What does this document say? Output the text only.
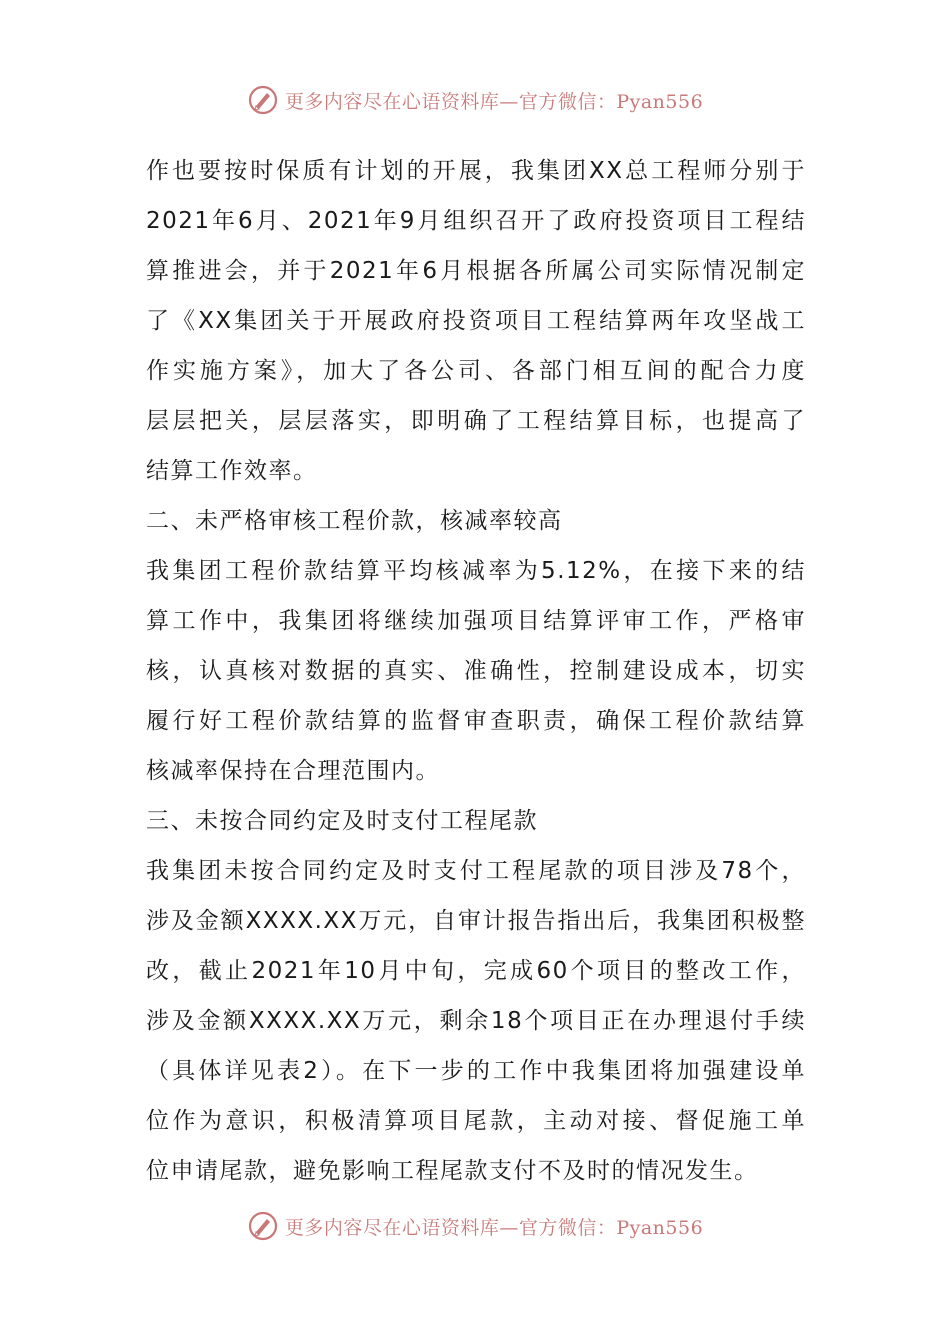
更多内容尽在心语资料库—官方微信：Pyan556
作也要按时保质有计划的开展，我集团XX总工程师分别于
2021年6月、2021年9月组织召开了政府投资项目工程结
算推进会，并于2021年6月根据各所属公司实际情况制定
了《XX集团关于开展政府投资项目工程结算两年攻坚战工
作实施方案》，加大了各公司、各部门相互间的配合力度
层层把关，层层落实，即明确了工程结算目标，也提高了
结算工作效率。
二、未严格审核工程价款，核减率较高
我集团工程价款结算平均核减率为5.12%，在接下来的结
算工作中，我集团将继续加强项目结算评审工作，严格审
核，认真核对数据的真实、准确性，控制建设成本，切实
履行好工程价款结算的监督审查职责，确保工程价款结算
核减率保持在合理范围内。
三、未按合同约定及时支付工程尾款
我集团未按合同约定及时支付工程尾款的项目涉及78个，
涉及金额XXXX.XX万元，自审计报告指出后，我集团积极整
改，截止2021年10月中旬，完成60个项目的整改工作，
涉及金额XXXX.XX万元，剩余18个项目正在办理退付手续
（具体详见表2）。在下一步的工作中我集团将加强建设单
位作为意识，积极清算项目尾款，主动对接、督促施工单
位申请尾款，避免影响工程尾款支付不及时的情况发生。
更多内容尽在心语资料库—官方微信：Pyan556
